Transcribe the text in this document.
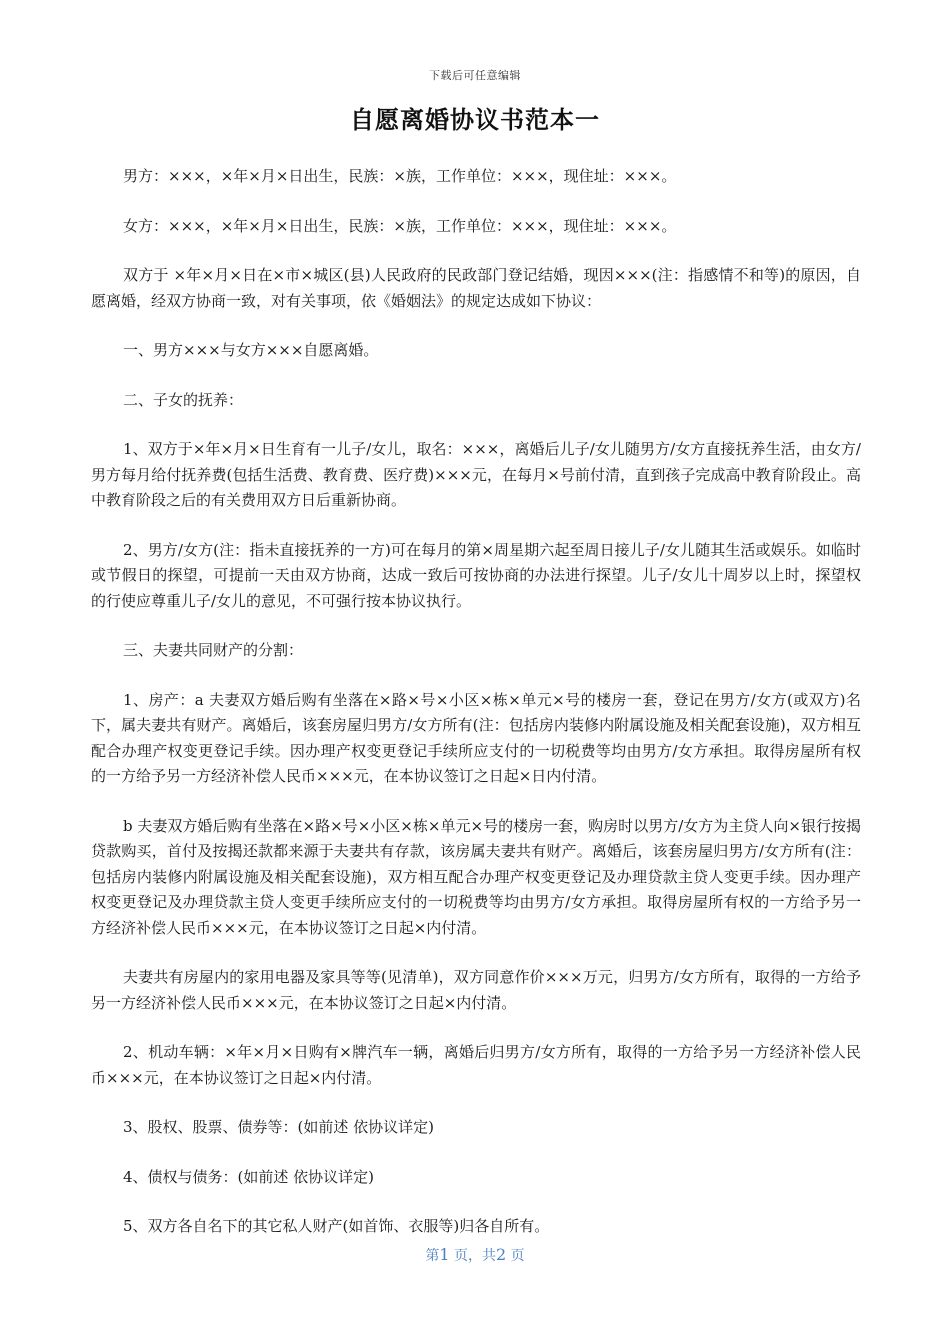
下载后可任意编辑
自愿离婚协议书范本一

男方：×××，×年×月×日出生，民族：×族，工作单位：×××，现住址：×××。

女方：×××，×年×月×日出生，民族：×族，工作单位：×××，现住址：×××。

双方于 ×年×月×日在×市×城区(县)人民政府的民政部门登记结婚，现因×××(注：指感情不和等)的原因，自愿离婚，经双方协商一致，对有关事项，依《婚姻法》的规定达成如下协议：

一、男方×××与女方×××自愿离婚。

二、子女的抚养：

1、双方于×年×月×日生育有一儿子/女儿，取名：×××，离婚后儿子/女儿随男方/女方直接抚养生活，由女方/男方每月给付抚养费(包括生活费、教育费、医疗费)×××元，在每月×号前付清，直到孩子完成高中教育阶段止。高中教育阶段之后的有关费用双方日后重新协商。

2、男方/女方(注：指未直接抚养的一方)可在每月的第×周星期六起至周日接儿子/女儿随其生活或娱乐。如临时或节假日的探望，可提前一天由双方协商，达成一致后可按协商的办法进行探望。儿子/女儿十周岁以上时，探望权的行使应尊重儿子/女儿的意见，不可强行按本协议执行。

三、夫妻共同财产的分割：

1、房产：a 夫妻双方婚后购有坐落在×路×号×小区×栋×单元×号的楼房一套，登记在男方/女方(或双方)名下，属夫妻共有财产。离婚后，该套房屋归男方/女方所有(注：包括房内装修内附属设施及相关配套设施)，双方相互配合办理产权变更登记手续。因办理产权变更登记手续所应支付的一切税费等均由男方/女方承担。取得房屋所有权的一方给予另一方经济补偿人民币×××元，在本协议签订之日起×日内付清。

b 夫妻双方婚后购有坐落在×路×号×小区×栋×单元×号的楼房一套，购房时以男方/女方为主贷人向×银行按揭贷款购买，首付及按揭还款都来源于夫妻共有存款，该房属夫妻共有财产。离婚后，该套房屋归男方/女方所有(注：包括房内装修内附属设施及相关配套设施)，双方相互配合办理产权变更登记及办理贷款主贷人变更手续。因办理产权变更登记及办理贷款主贷人变更手续所应支付的一切税费等均由男方/女方承担。取得房屋所有权的一方给予另一方经济补偿人民币×××元，在本协议签订之日起×内付清。

夫妻共有房屋内的家用电器及家具等等(见清单)，双方同意作价×××万元，归男方/女方所有，取得的一方给予另一方经济补偿人民币×××元，在本协议签订之日起×内付清。

2、机动车辆：×年×月×日购有×牌汽车一辆，离婚后归男方/女方所有，取得的一方给予另一方经济补偿人民币×××元，在本协议签订之日起×内付清。

3、股权、股票、债券等：(如前述 依协议详定)

4、债权与债务：(如前述 依协议详定)

5、双方各自名下的其它私人财产(如首饰、衣服等)归各自所有。

第1 页，共2 页
